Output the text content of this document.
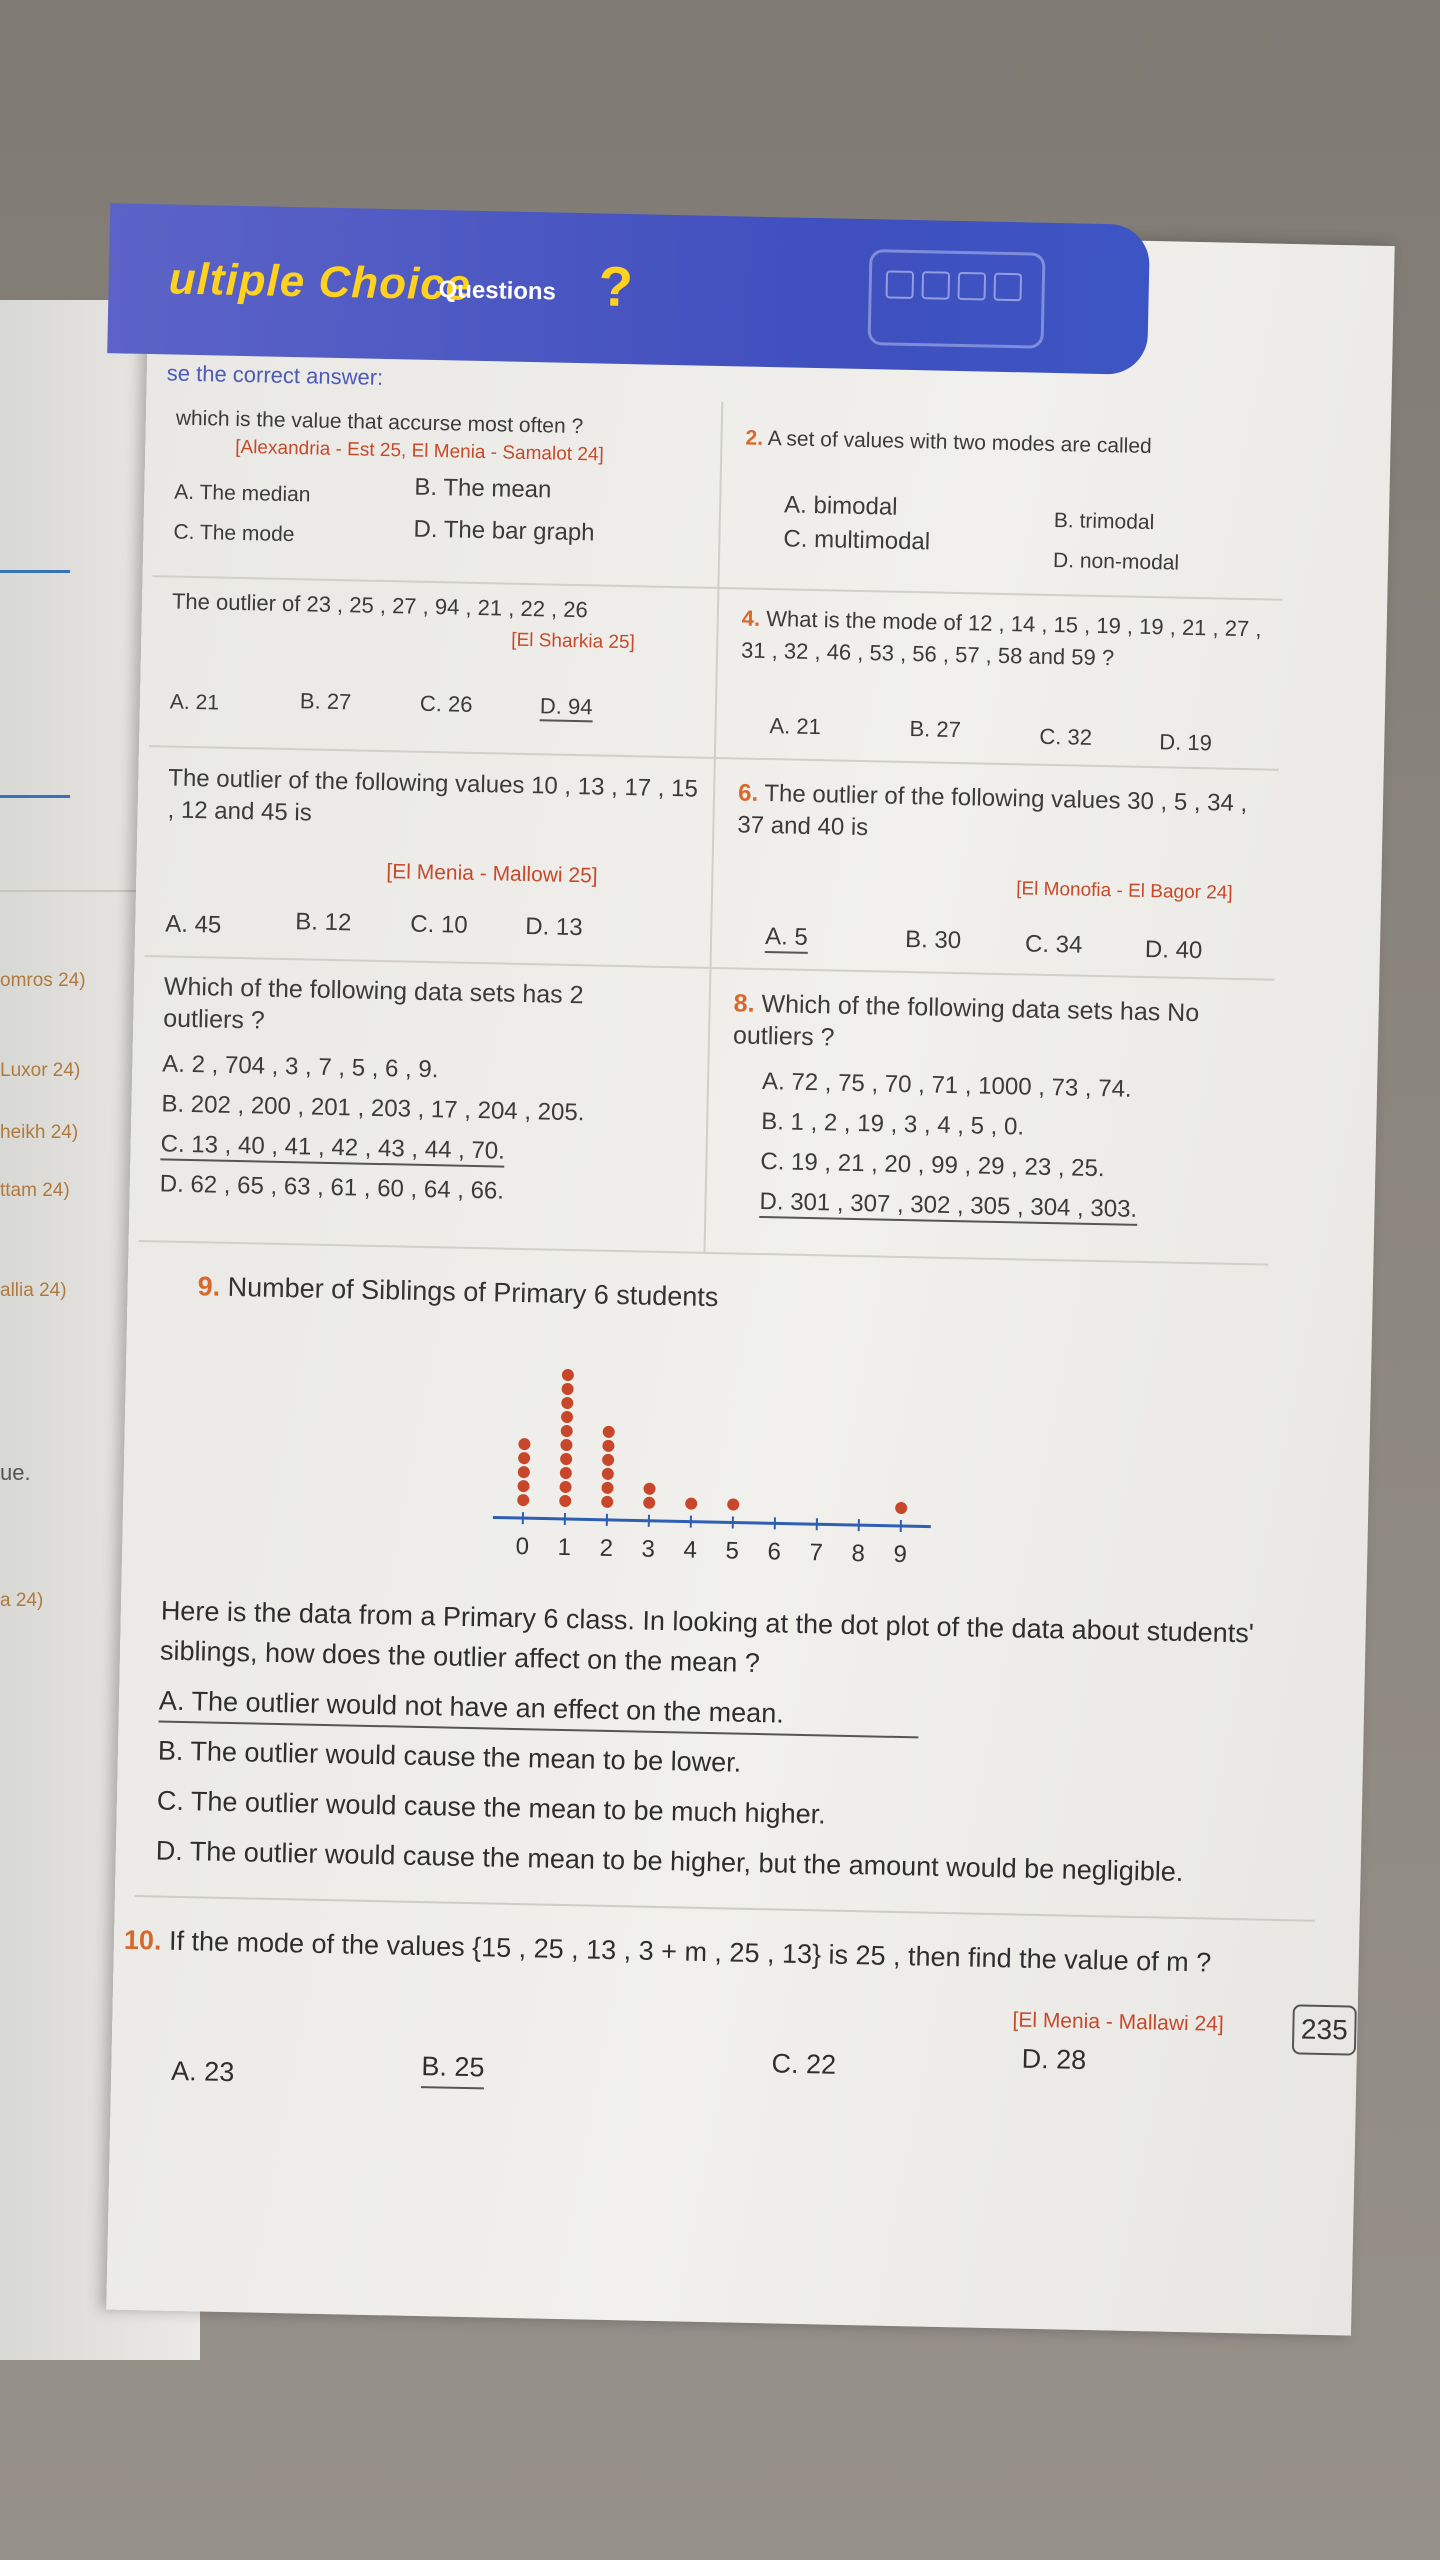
omros 24)
Luxor 24)
heikh 24)
ttam 24)
allia 24)
ue.
a 24)
ultiple Choice
Questions ?
se the correct answer:
which is the value that accurse most often ?
[Alexandria - Est 25, El Menia - Samalot 24]
A. The median	B. The mean
C. The mode	D. The bar graph
2. A set of values with two modes are called
A. bimodal
B. trimodal
C. multimodal
D. non-modal
The outlier of 23 , 25 , 27 , 94 , 21 , 22 , 26
[El Sharkia 25]
A. 21	B. 27	C. 26	D. 94
4. What is the mode of 12 , 14 , 15 , 19 , 19 , 21 , 27 , 31 , 32 , 46 , 53 , 56 , 57 , 58 and 59 ?
A. 21	B. 27	C. 32	D. 19
The outlier of the following values 10 , 13 , 17 , 15 , 12 and 45 is
[El Menia - Mallowi 25]
A. 45	B. 12 C. 10 D. 13
6. The outlier of the following values 30 , 5 , 34 , 37 and 40 is
[El Monofia - El Bagor 24]
A. 5	B. 30	C. 34	D. 40
Which of the following data sets has 2 outliers ?
A. 2 , 704 , 3 , 7 , 5 , 6 , 9.
B. 202 , 200 , 201 , 203 , 17 , 204 , 205.
C. 13 , 40 , 41 , 42 , 43 , 44 , 70.
D. 62 , 65 , 63 , 61 , 60 , 64 , 66.
8. Which of the following data sets has No outliers ?
A. 72 , 75 , 70 , 71 , 1000 , 73 , 74.
B. 1 , 2 , 19 , 3 , 4 , 5 , 0.
C. 19 , 21 , 20 , 99 , 29 , 23 , 25.
D. 301 , 307 , 302 , 305 , 304 , 303.
9. Number of Siblings of Primary 6 students
0 1 2 3 4 5 6 7 8 9
Here is the data from a Primary 6 class. In looking at the dot plot of the data about students' siblings, how does the outlier affect on the mean ?
A. The outlier would not have an effect on the mean.
B. The outlier would cause the mean to be lower.
C. The outlier would cause the mean to be much higher.
D. The outlier would cause the mean to be higher, but the amount would be negligible.
10. If the mode of the values {15 , 25 , 13 , 3 + m , 25 , 13} is 25 , then find the value of m ?
[El Menia - Mallawi 24]
A. 23	B. 25	C. 22	D. 28
235
